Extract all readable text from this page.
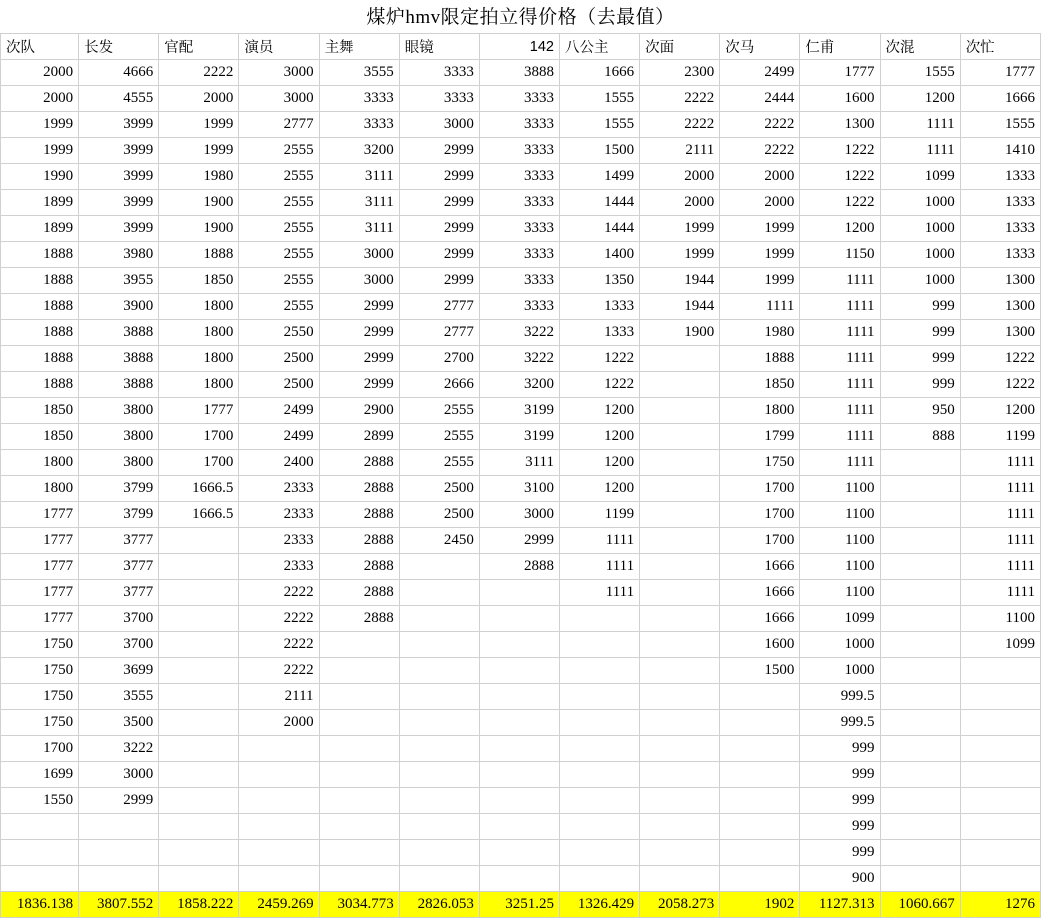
煤炉hmv限定拍立得价格（去最值）
次队	长发	官配	演员	主舞	眼镜	142	八公主	次面	次马	仁甫	次混	次忙
2000	4666	2222	3000	3555	3333	3888	1666	2300	2499	1777	1555	1777
2000	4555	2000	3000	3333	3333	3333	1555	2222	2444	1600	1200	1666
1999	3999	1999	2777	3333	3000	3333	1555	2222	2222	1300	1111	1555
1999	3999	1999	2555	3200	2999	3333	1500	2111	2222	1222	1111	1410
1990	3999	1980	2555	3111	2999	3333	1499	2000	2000	1222	1099	1333
1899	3999	1900	2555	3111	2999	3333	1444	2000	2000	1222	1000	1333
1899	3999	1900	2555	3111	2999	3333	1444	1999	1999	1200	1000	1333
1888	3980	1888	2555	3000	2999	3333	1400	1999	1999	1150	1000	1333
1888	3955	1850	2555	3000	2999	3333	1350	1944	1999	1111	1000	1300
1888	3900	1800	2555	2999	2777	3333	1333	1944	1111	1111	999	1300
1888	3888	1800	2550	2999	2777	3222	1333	1900	1980	1111	999	1300
1888	3888	1800	2500	2999	2700	3222	1222		1888	1111	999	1222
1888	3888	1800	2500	2999	2666	3200	1222		1850	1111	999	1222
1850	3800	1777	2499	2900	2555	3199	1200		1800	1111	950	1200
1850	3800	1700	2499	2899	2555	3199	1200		1799	1111	888	1199
1800	3800	1700	2400	2888	2555	3111	1200		1750	1111		1111
1800	3799	1666.5	2333	2888	2500	3100	1200		1700	1100		1111
1777	3799	1666.5	2333	2888	2500	3000	1199		1700	1100		1111
1777	3777		2333	2888	2450	2999	1111		1700	1100		1111
1777	3777		2333	2888		2888	1111		1666	1100		1111
1777	3777		2222	2888			1111		1666	1100		1111
1777	3700		2222	2888					1666	1099		1100
1750	3700		2222						1600	1000		1099
1750	3699		2222						1500	1000		
1750	3555		2111							999.5		
1750	3500		2000							999.5		
1700	3222									999		
1699	3000									999		
1550	2999									999		
										999		
										999		
										900		
1836.138	3807.552	1858.222	2459.269	3034.773	2826.053	3251.25	1326.429	2058.273	1902	1127.313	1060.667	1276
